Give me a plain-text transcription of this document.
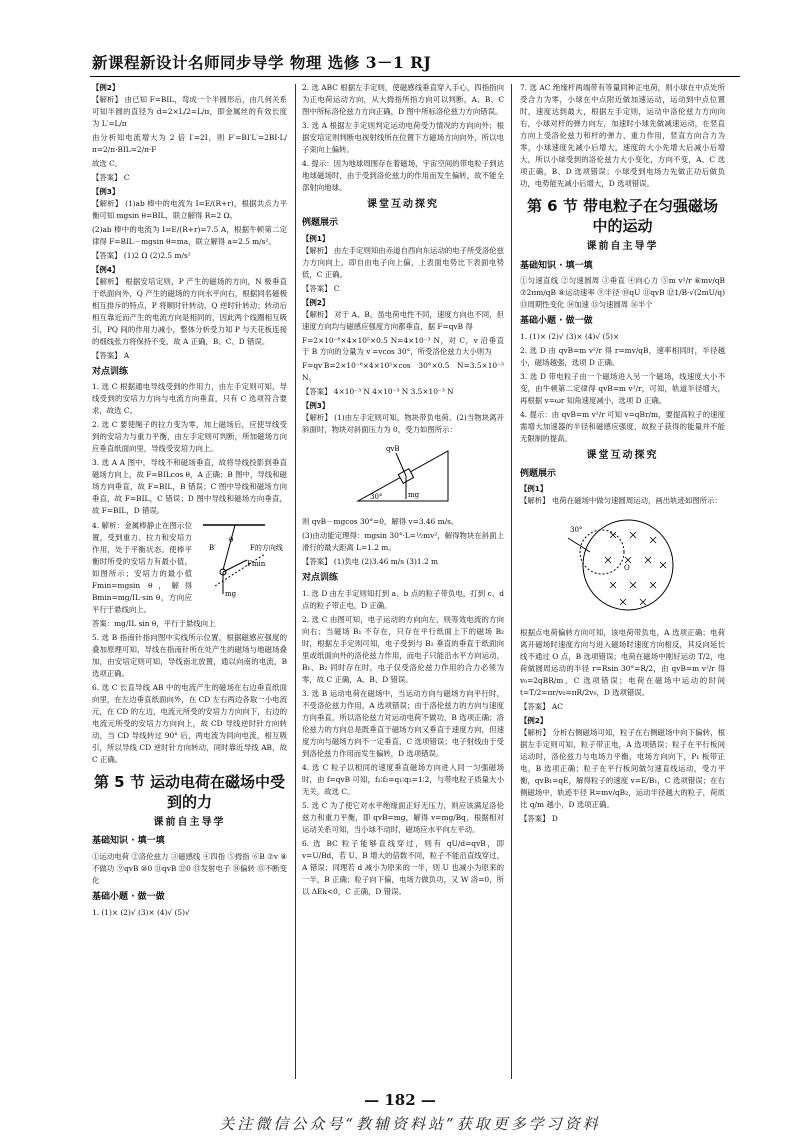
新课程新设计名师同步导学 物理 选修 3－1 RJ
【例2】

【解析】 由已知 F=BIL，弯成一个半圆形后，由几何关系可知半圆的直径为 d=2×L/2=L/π，即金属丝的有效长度为 L′=L/π

由分析知电流增大为 2 倍 I′=2I，则 F′=BI′L′=2BI·L/π=2/π·BIL=2/π·F

故选 C。

【答案】 C

【例3】

【解析】 (1)ab 棒中的电流为 I=E/(R+r)，根据共点力平衡可知 mgsin θ=BIL，联立解得 R=2 Ω。

(2)ab 棒中的电流为 I=E/(R+r)=7.5 A，根据牛顿第二定律得 F=BIL－mgsin θ=ma，联立解得 a=2.5 m/s²。

【答案】 (1)2 Ω (2)2.5 m/s²

【例4】

【解析】 根据安培定则，P 产生的磁场的方向，N 极垂直于纸面向外，Q 产生的磁场的方向水平向右，根据同名磁极相互排斥的特点，P 将顺时针转动，Q 逆时针转动；转动后相互靠近而产生的电流方向是相同的，因此两个线圈相互吸引，PQ 间的作用力减小，整体分析受力知 P 与天花板连接的细线张力将保持不变，故 A 正确，B、C、D 错误。

【答案】 A

对点训练

1. 选 C 根据通电导线受到的作用力，由左手定则可知，导线受到的安培力方向与电流方向垂直，只有 C 选项符合要求，故选 C。

2. 选 C 要使绳子的拉力变为零，加上磁场后，应使导线受到的安培力与重力平衡，由左手定则可判断，所加磁场方向应垂直纸面向里，导线受安培力向上。

3. 选 A A 图中，导线不和磁场垂直，故将导线投影到垂直磁场方向上，故 F=BILcos θ，A 正确；B 图中，导线和磁场方向垂直，故 F=BIL，B 错误；C 图中导线和磁场方向垂直，故 F=BIL，C 错误；D 图中导线和磁场方向垂直，故 F=BIL，D 错误。

mg
B′
Fmin
F的方向线
θ

4. 解析：金属棒静止在图示位置，受到重力、拉力和安培力作用，处于平衡状态。使棒平衡时所受的安培力有最小值，如图所示；安培力的最小值 Fmin=mgsin θ，解得 Bmin=mg/IL·sin θ，方向应平行于悬线向上。

答案：mg/IL sin θ，平行于悬线向上

5. 选 B 指南针指向图中实线所示位置，根据磁感应强度的叠加原理可知，导线在指南针所在处产生的磁场与地磁场叠加，由安培定则可知，导线南北放置，通以向南的电流，B 选项正确。

6. 选 C 长直导线 AB 中的电流产生的磁场在右边垂直纸面向里，在左边垂直纸面向外，在 CD 左右两边各取一小电流元，在 CD 的左边，电流元所受的安培力方向向下，右边的电流元所受的安培力方向向上，故 CD 导线逆时针方向转动，当 CD 导线转过 90° 后，两电流为同向电流，相互吸引，所以导线 CD 逆时针方向转动，同时靠近导线 AB，故 C 正确。

第 5 节 运动电荷在磁场中受到的力
课前自主导学
基础知识 · 填一填

①运动电荷 ②洛伦兹力 ③磁感线 ④四指 ⑤拇指 ⑥B ⑦v ⑧不做功 ⑨qvB ⑩0 ⑪qvB ⑫0 ⑬发射电子 ⑭偏转 ⑮不断变化

基础小题 · 做一做

1. (1)× (2)√ (3)× (4)√ (5)√

2. 选 ABC 根据左手定则，使磁感线垂直穿入手心，四指指向为正电荷运动方向，从大拇指所指方向可以判断，A、B、C 图中所标洛伦兹力方向正确，D 图中所标洛伦兹力方向错误。

3. 选 A 根据左手定则判定运动电荷受力情况的方向向外；根据安培定则判断电视射线所在位置下方磁场方向向外，所以电子束向上偏转。

4. 提示：因为地球周围存在着磁场，宇宙空间的带电粒子到达地球磁场时，由于受到洛伦兹力的作用而发生偏转，故不能全部射向地球。

课堂互动探究
例题展示
【例1】

【解析】 由左手定则知由赤道自西向东运动的电子所受洛伦兹力方向向上，即自由电子向上偏，上表面电势比下表面电势低，C 正确。

【答案】 C

【例2】

【解析】 对于 A、B，虽电荷电性不同，速度方向也不同，但速度方向均与磁感应强度方向都垂直，据 F=qvB 得

F=2×10⁻⁸×4×10⁵×0.5 N=4×10⁻³ N，对 C，v 沿垂直于 B 方向的分量为 v′=vcos 30°，所受洛伦兹力大小则为

F=qv′B=2×10⁻⁸×4×10⁵×cos 30°×0.5 N=3.5×10⁻³ N。

【答案】 4×10⁻³ N 4×10⁻³ N 3.5×10⁻³ N

【例3】

【解析】 (1)由左手定则可知，物块带负电荷。(2)当物块离开斜面时，物块对斜面压力为 0，受力如图所示：

qvB
mg
30°

则 qvB－mgcos 30°=0，解得 v=3.46 m/s。

(3)由动能定理得：mgsin 30°·L=½mv²，解得物块在斜面上滑行的最大距离 L=1.2 m。

【答案】 (1)负电 (2)3.46 m/s (3)1.2 m

对点训练

1. 选 D 由左手定则知打到 a、b 点的粒子带负电，打到 c、d 点的粒子带正电，D 正确。

2. 选 C 由图可知，电子运动的方向向左，则等效电流的方向向右；当磁场 B₁ 不存在，只存在平行纸面上下的磁场 B₂ 时，根据左手定则可知，电子受到与 B₂ 垂直的垂直于纸面向里或纸面向外的洛伦兹力作用，而电子只能沿水平方向运动，B₁、B₂ 同时存在时，电子仅受洛伦兹力作用的合力必须为零，故 C 正确，A、B、D 错误。

3. 选 B 运动电荷在磁场中，当运动方向与磁场方向平行时，不受洛伦兹力作用，A 选项错误；由于洛伦兹力的方向与速度方向垂直，所以洛伦兹力对运动电荷不做功，B 选项正确；洛伦兹力的方向总是既垂直于磁场方向又垂直于速度方向，但速度方向与磁场方向不一定垂直，C 选项错误；电子射线由于受到洛伦兹力作用而发生偏转，D 选项错误。

4. 选 C 粒子以相同的速度垂直磁场方向进入同一匀强磁场时，由 f=qvB 可知，f₁∶f₂=q₁∶q₂=1∶2，与带电粒子质量大小无关，故选 C。

5. 选 C 为了使它对水平绝缘面正好无压力，则应该满足洛伦兹力和重力平衡，即 qvB=mg，解得 v=mg/Bq，根据相对运动关系可知，当小球不动时，磁场应水平向左平动。

6. 选 BC 粒子能够直线穿过，则有 qU/d=qvB，即 v=U/Bd，若 U、B 增大的倍数不同，粒子不能沿直线穿过，A 错误；同理若 d 减小为原来的一半，则 U 也减小为原来的一半，B 正确；粒子向下偏，电场力做负功，又 W 洛=0，所以 ΔEk<0，C 正确，D 错误。

7. 选 AC 绝缘杆两端带有等量同种正电荷，则小球在中点处所受合力为零，小球在中点附近做加速运动，运动到中点位置时，速度达到最大，根据左手定则，运动中洛伦兹力方向向右，小球对杆的弹力向左，加速时小球先做减速运动，在竖直方向上受洛伦兹力和杆的弹力、重力作用，竖直方向合力为零，小球速度先减小后增大，速度的大小先增大后减小后增大，所以小球受到的洛伦兹力大小变化，方向不变，A、C 选项正确，B、D 选项错误；小球受到电场力先做正功后做负功，电势能先减小后增大，D 选项错误。

第 6 节 带电粒子在匀强磁场中的运动
课前自主导学
基础知识 · 填一填

①匀速直线 ②匀速圆周 ③垂直 ④向心力 ⑤m v²/r ⑥mv/qB ⑦2πm/qB ⑧运动速率 ⑨半径 ⑩qU ⑪qvB ⑫1/B·√(2mU/q) ⑬周期性变化 ⑭加速 ⑮匀速圆周 ⑯半个

基础小题 · 做一做

1. (1)× (2)√ (3)× (4)√ (5)×

2. 选 D 由 qvB=m v²/r 得 r=mv/qB，速率相同时，半径越小，磁场越强，选项 D 正确。

3. 选 D 带电粒子由一个磁场进入另一个磁场，线速度大小不变，由牛顿第二定律得 qvB=m v²/r，可知，轨道半径增大，再根据 v=ωr 知角速度减小，选项 D 正确。

4. 提示：由 qvB=m v²/r 可知 v=qBr/m，要提高粒子的速度需增大加速器的半径和磁感应强度，故粒子获得的能量并不能无限制的提高。

课堂互动探究
例题展示
【例1】

【解析】 电荷在磁场中做匀速圆周运动，画出轨迹如图所示：

30°
O

根据点电荷偏转方向可知，该电荷带负电，A 选项正确；电荷离开磁场时速度方向与进入磁场时速度方向相反，其反向延长线不通过 O 点，B 选项错误；电荷在磁场中刚好运动 T/2，电荷做圆周运动的半径 r=Rsin 30°=R/2，由 qvB=m v²/r 得 v₀=2qBR/m，C 选项错误；电荷在磁场中运动的时间 t=T/2=πr/v₀=πR/2v₀，D 选项错误。

【答案】 AC

【例2】

【解析】 分析右侧磁场可知，粒子在右侧磁场中向下偏转，根据左手定则可知，粒子带正电，A 选项错误；粒子在平行板间运动时，洛伦兹力与电场力平衡，电场方向向下，P₁ 板带正电，B 选项正确；粒子在平行板间做匀速直线运动，受力平衡，qvB₁=qE，解得粒子的速度 v=E/B₁，C 选项错误；在右侧磁场中，轨迹半径 R=mv/qB₂，运动半径越大的粒子，荷质比 q/m 越小，D 选项正确。

【答案】 D

— 182 —
关注微信公众号“教辅资料站”获取更多学习资料
